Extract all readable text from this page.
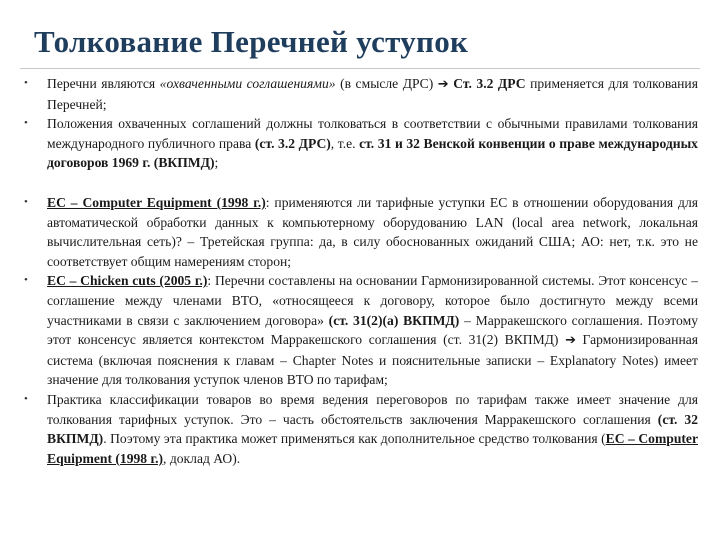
Толкование Перечней уступок
• Перечни являются «охваченными соглашениями» (в смысле ДРС) ➔ Ст. 3.2 ДРС применяется для толкования Перечней;
• Положения охваченных соглашений должны толковаться в соответствии с обычными правилами толкования международного публичного права (ст. 3.2 ДРС), т.е. ст. 31 и 32 Венской конвенции о праве международных договоров 1969 г. (ВКПМД);
• ЕС – Computer Equipment (1998 г.): применяются ли тарифные уступки ЕС в отношении оборудования для автоматической обработки данных к компьютерному оборудованию LAN (local area network, локальная вычислительная сеть)? – Третейская группа: да, в силу обоснованных ожиданий США; АО: нет, т.к. это не соответствует общим намерениям сторон;
• ЕС – Chicken cuts (2005 г.): Перечни составлены на основании Гармонизированной системы. Этот консенсус – соглашение между членами ВТО, «относящееся к договору, которое было достигнуто между всеми участниками в связи с заключением договора» (ст. 31(2)(а) ВКПМД) – Марракешского соглашения. Поэтому этот консенсус является контекстом Марракешского соглашения (ст. 31(2) ВКПМД) ➔ Гармонизированная система (включая пояснения к главам – Chapter Notes и пояснительные записки – Explanatory Notes) имеет значение для толкования уступок членов ВТО по тарифам;
• Практика классификации товаров во время ведения переговоров по тарифам также имеет значение для толкования тарифных уступок. Это – часть обстоятельств заключения Марракешского соглашения (ст. 32 ВКПМД). Поэтому эта практика может применяться как дополнительное средство толкования (ЕС – Computer Equipment (1998 г.), доклад АО).
